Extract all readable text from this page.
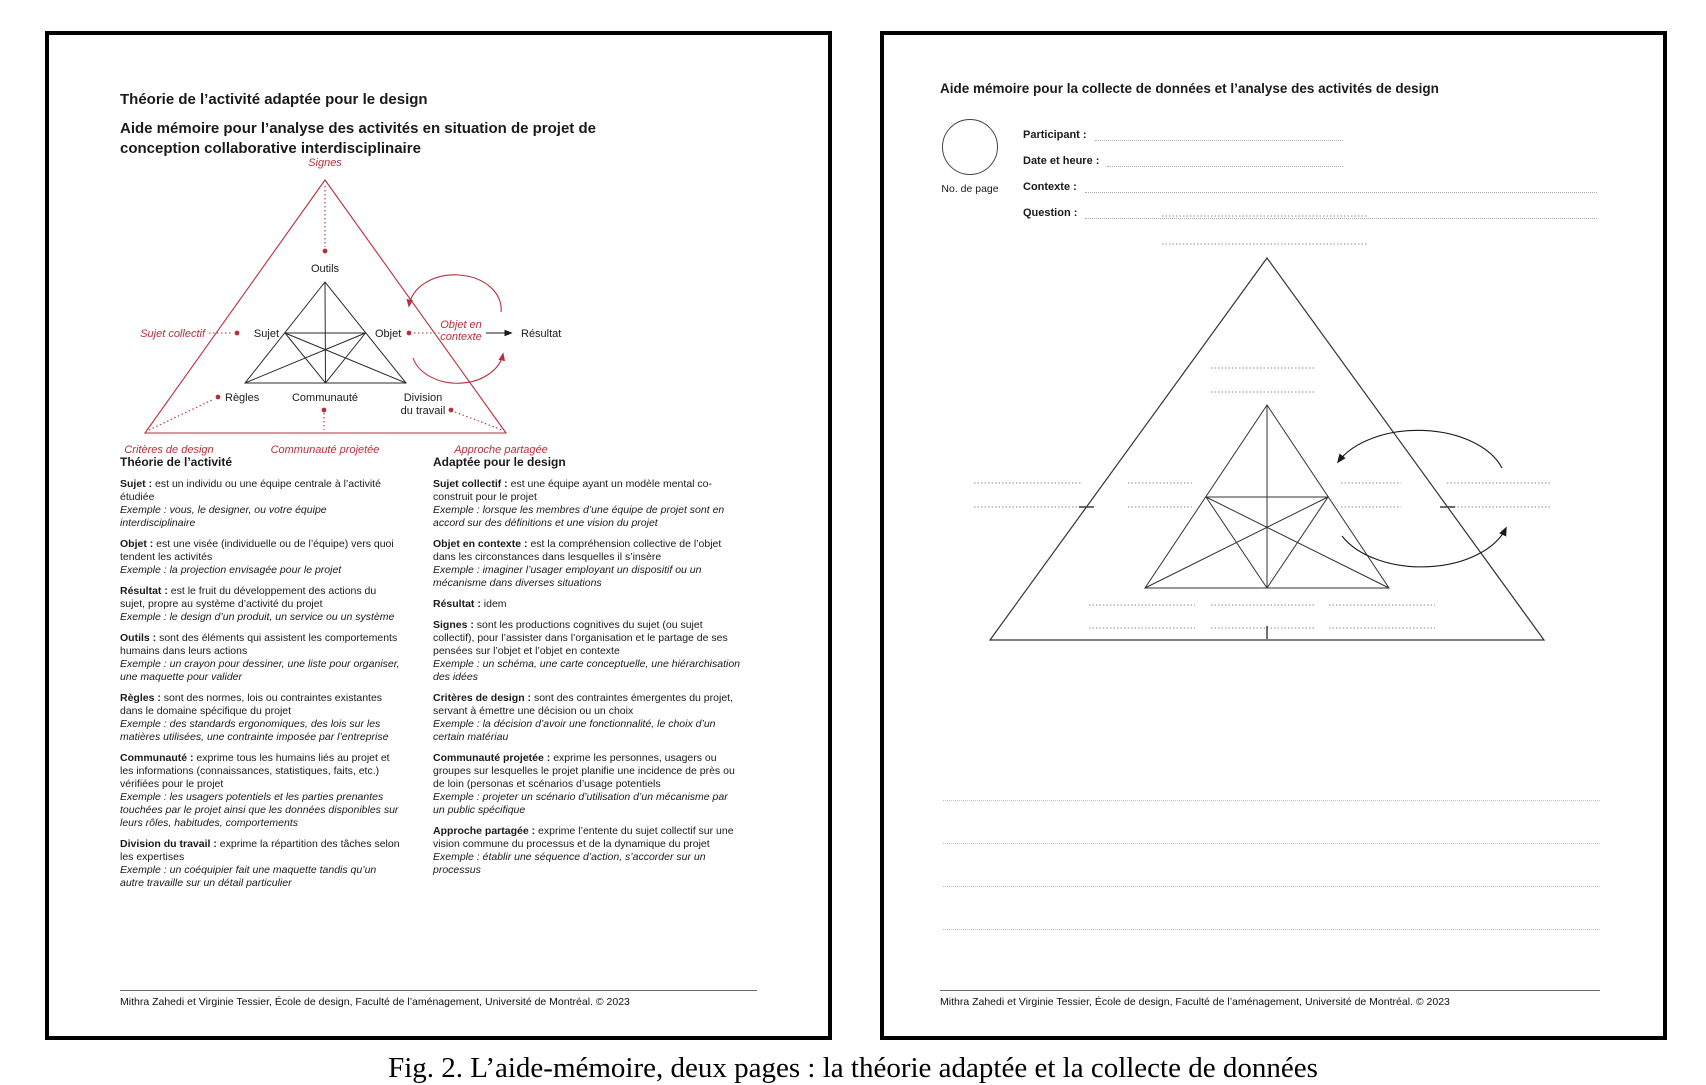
Théorie de l’activité adaptée pour le design
Aide mémoire pour l’analyse des activités en situation de projet de conception collaborative interdisciplinaire
Outils
Sujet	Objet
Règles	Communauté	Division
du travail
Résultat
Signes
Sujet collectif
Objet en
contexte
Critères de design	Communauté projetée	Approche partagée

Théorie de l’activité

Sujet : est un individu ou une équipe centrale à l’activité étudiée
Exemple : vous, le designer, ou votre équipe interdisciplinaire

Objet : est une visée (individuelle ou de l’équipe) vers quoi tendent les activités
Exemple : la projection envisagée pour le projet

Résultat : est le fruit du développement des actions du sujet, propre au système d’activité du projet
Exemple : le design d’un produit, un service ou un système

Outils : sont des éléments qui assistent les comportements humains dans leurs actions
Exemple : un crayon pour dessiner, une liste pour organiser, une maquette pour valider

Règles : sont des normes, lois ou contraintes existantes dans le domaine spécifique du projet
Exemple : des standards ergonomiques, des lois sur les matières utilisées, une contrainte imposée par l’entreprise

Communauté : exprime tous les humains liés au projet et les informations (connaissances, statistiques, faits, etc.) vérifiées pour le projet
Exemple : les usagers potentiels et les parties prenantes touchées par le projet ainsi que les données disponibles sur leurs rôles, habitudes, comportements

Division du travail : exprime la répartition des tâches selon les expertises
Exemple : un coéquipier fait une maquette tandis qu’un autre travaille sur un détail particulier

Adaptée pour le design

Sujet collectif : est une équipe ayant un modèle mental co-construit pour le projet
Exemple : lorsque les membres d’une équipe de projet sont en accord sur des définitions et une vision du projet

Objet en contexte : est la compréhension collective de l’objet dans les circonstances dans lesquelles il s’insère
Exemple : imaginer l’usager employant un dispositif ou un mécanisme dans diverses situations

Résultat : idem

Signes : sont les productions cognitives du sujet (ou sujet collectif), pour l’assister dans l’organisation et le partage de ses pensées sur l’objet et l’objet en contexte
Exemple : un schéma, une carte conceptuelle, une hiérarchisation des idées

Critères de design : sont des contraintes émergentes du projet, servant à émettre une décision ou un choix
Exemple : la décision d’avoir une fonctionnalité, le choix d’un certain matériau

Communauté projetée : exprime les personnes, usagers ou groupes sur lesquelles le projet planifie une incidence de près ou de loin (personas et scénarios d’usage potentiels
Exemple : projeter un scénario d’utilisation d’un mécanisme par un public spécifique

Approche partagée : exprime l’entente du sujet collectif sur une vision commune du processus et de la dynamique du projet
Exemple : établir une séquence d’action, s’accorder sur un processus

Mithra Zahedi et Virginie Tessier, École de design, Faculté de l’aménagement, Université de Montréal. © 2023
Aide mémoire pour la collecte de données et l’analyse des activités de design
No. de page
Participant :
Date et heure :
Contexte :
Question :
Mithra Zahedi et Virginie Tessier, École de design, Faculté de l’aménagement, Université de Montréal. © 2023
Fig. 2. L’aide-mémoire, deux pages : la théorie adaptée et la collecte de données
